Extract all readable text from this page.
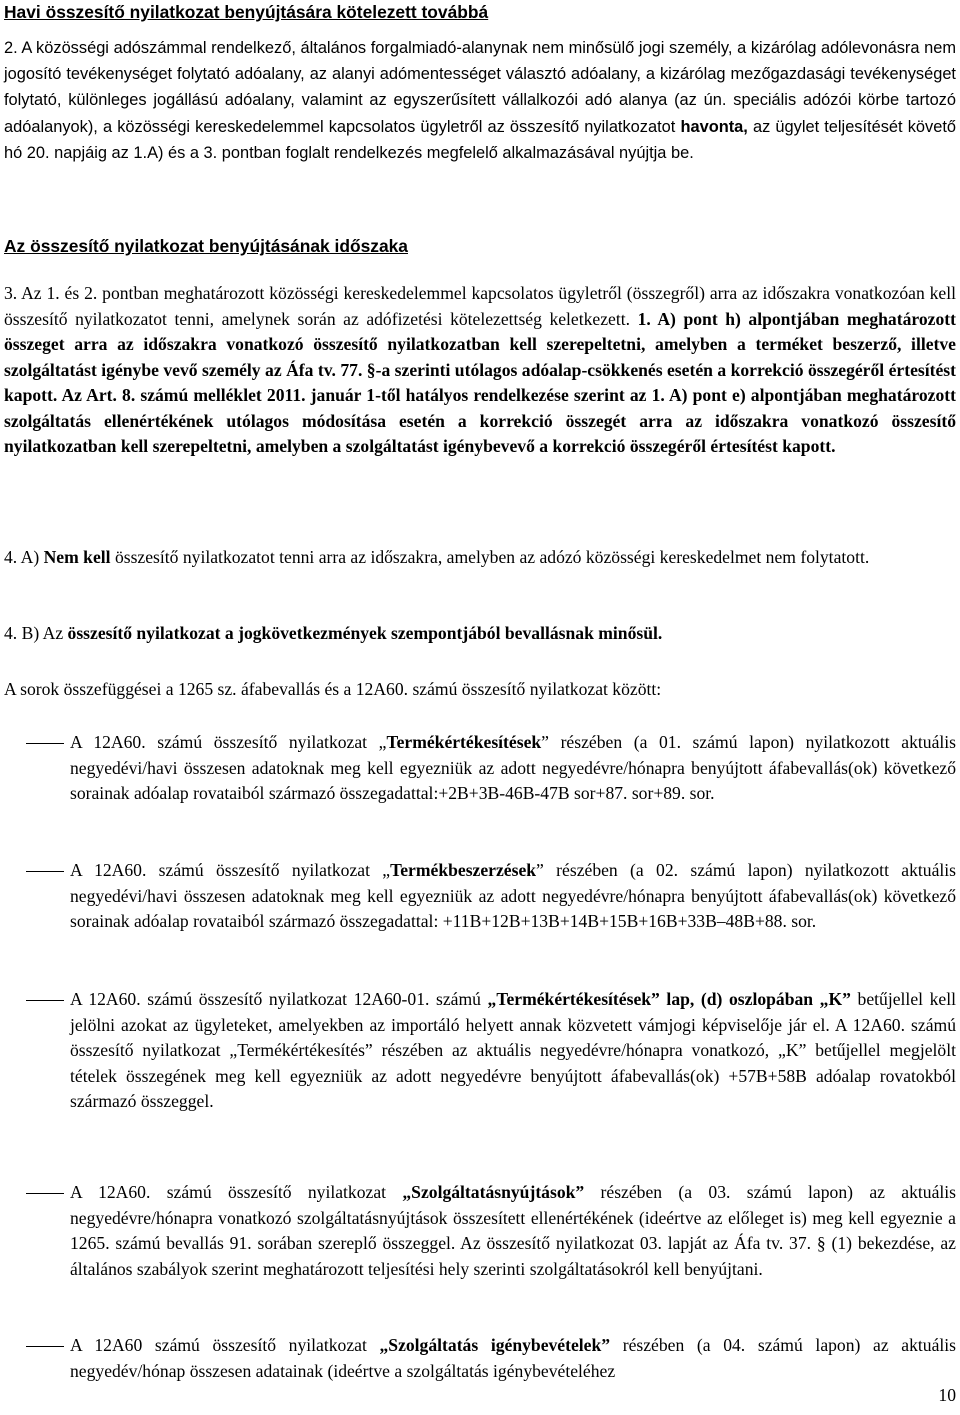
Havi összesítő nyilatkozat benyújtására kötelezett továbbá

2. A közösségi adószámmal rendelkező, általános forgalmiadó-alanynak nem minősülő jogi személy, a kizárólag adólevonásra nem jogosító tevékenységet folytató adóalany, az alanyi adómentességet választó adóalany, a kizárólag mezőgazdasági tevékenységet folytató, különleges jogállású adóalany, valamint az egyszerűsített vállalkozói adó alanya (az ún. speciális adózói körbe tartozó adóalanyok), a közösségi kereskedelemmel kapcsolatos ügyletről az összesítő nyilatkozatot havonta, az ügylet teljesítését követő hó 20. napjáig az 1.A) és a 3. pontban foglalt rendelkezés megfelelő alkalmazásával nyújtja be.

Az összesítő nyilatkozat benyújtásának időszaka

3. Az 1. és 2. pontban meghatározott közösségi kereskedelemmel kapcsolatos ügyletről (összegről) arra az időszakra vonatkozóan kell összesítő nyilatkozatot tenni, amelynek során az adófizetési kötelezettség keletkezett. 1. A) pont h) alpontjában meghatározott összeget arra az időszakra vonatkozó összesítő nyilatkozatban kell szerepeltetni, amelyben a terméket beszerző, illetve szolgáltatást igénybe vevő személy az Áfa tv. 77. §-a szerinti utólagos adóalap-csökkenés esetén a korrekció összegéről értesítést kapott. Az Art. 8. számú melléklet 2011. január 1-től hatályos rendelkezése szerint az 1. A) pont e) alpontjában meghatározott szolgáltatás ellenértékének utólagos módosítása esetén a korrekció összegét arra az időszakra vonatkozó összesítő nyilatkozatban kell szerepeltetni, amelyben a szolgáltatást igénybevevő a korrekció összegéről értesítést kapott.

4. A) Nem kell összesítő nyilatkozatot tenni arra az időszakra, amelyben az adózó közösségi kereskedelmet nem folytatott.

4. B) Az összesítő nyilatkozat a jogkövetkezmények szempontjából bevallásnak minősül.

A sorok összefüggései a 1265 sz. áfabevallás és a 12A60. számú összesítő nyilatkozat között:

A 12A60. számú összesítő nyilatkozat „Termékértékesítések” részében (a 01. számú lapon) nyilatkozott aktuális negyedévi/havi összesen adatoknak meg kell egyezniük az adott negyedévre/hónapra benyújtott áfabevallás(ok) következő sorainak adóalap rovataiból származó összegadattal:+2B+3B-46B-47B sor+87. sor+89. sor.

A 12A60. számú összesítő nyilatkozat „Termékbeszerzések” részében (a 02. számú lapon) nyilatkozott aktuális negyedévi/havi összesen adatoknak meg kell egyezniük az adott negyedévre/hónapra benyújtott áfabevallás(ok) következő sorainak adóalap rovataiból származó összegadattal: +11B+12B+13B+14B+15B+16B+33B–48B+88. sor.

A 12A60. számú összesítő nyilatkozat 12A60-01. számú „Termékértékesítések” lap, (d) oszlopában „K” betűjellel kell jelölni azokat az ügyleteket, amelyekben az importáló helyett annak közvetett vámjogi képviselője jár el. A 12A60. számú összesítő nyilatkozat „Termékértékesítés” részében az aktuális negyedévre/hónapra vonatkozó, „K” betűjellel megjelölt tételek összegének meg kell egyezniük az adott negyedévre benyújtott áfabevallás(ok) +57B+58B adóalap rovatokból származó összeggel.

A 12A60. számú összesítő nyilatkozat „Szolgáltatásnyújtások” részében (a 03. számú lapon) az aktuális negyedévre/hónapra vonatkozó szolgáltatásnyújtások összesített ellenértékének (ideértve az előleget is) meg kell egyeznie a 1265. számú bevallás 91. sorában szereplő összeggel. Az összesítő nyilatkozat 03. lapját az Áfa tv. 37. § (1) bekezdése, az általános szabályok szerint meghatározott teljesítési hely szerinti szolgáltatásokról kell benyújtani.

A 12A60 számú összesítő nyilatkozat „Szolgáltatás igénybevételek” részében (a 04. számú lapon) az aktuális negyedév/hónap összesen adatainak (ideértve a szolgáltatás igénybevételéhez

10
